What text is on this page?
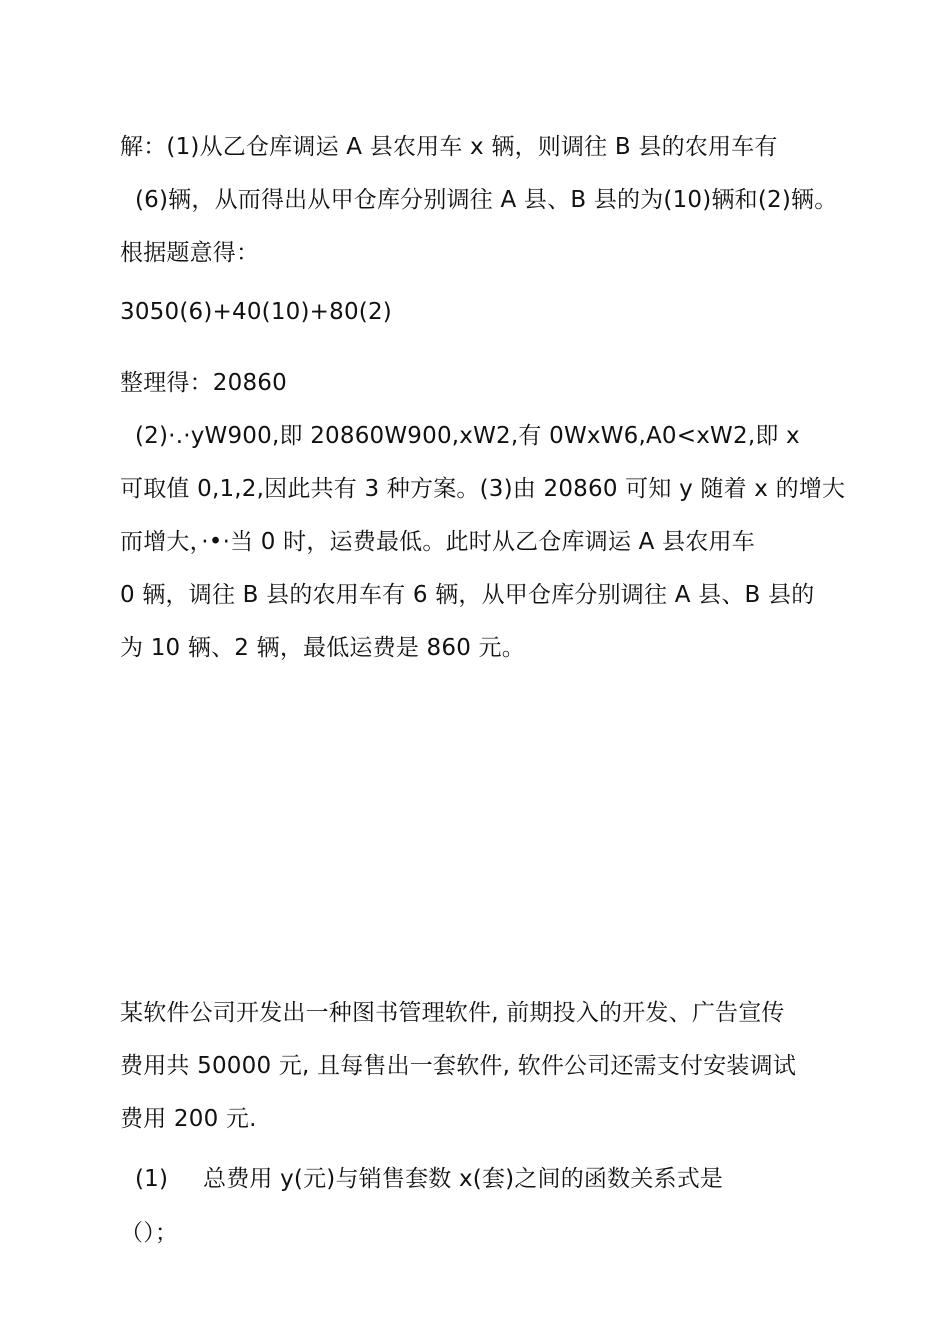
解：(1)从乙仓库调运 A 县农用车 x 辆，则调往 B 县的农用车有
(6)辆，从而得出从甲仓库分别调往 A 县、B 县的为(10)辆和(2)辆。
根据题意得：
3050(6)+40(10)+80(2)
整理得：20860
(2)·.·yW900,即 20860W900,xW2,有 0WxW6,A0<xW2,即 x
可取值 0,1,2,因此共有 3 种方案。(3)由 20860 可知 y 随着 x 的增大
而增大，·•·当 0 时，运费最低。此时从乙仓库调运 A 县农用车
0 辆，调往 B 县的农用车有 6 辆，从甲仓库分别调往 A 县、B 县的
为 10 辆、2 辆，最低运费是 860 元。
某软件公司开发出一种图书管理软件, 前期投入的开发、广告宣传
费用共 50000 元, 且每售出一套软件, 软件公司还需支付安装调试
费用 200 元.
(1) 总费用 y(元)与销售套数 x(套)之间的函数关系式是
（）；
